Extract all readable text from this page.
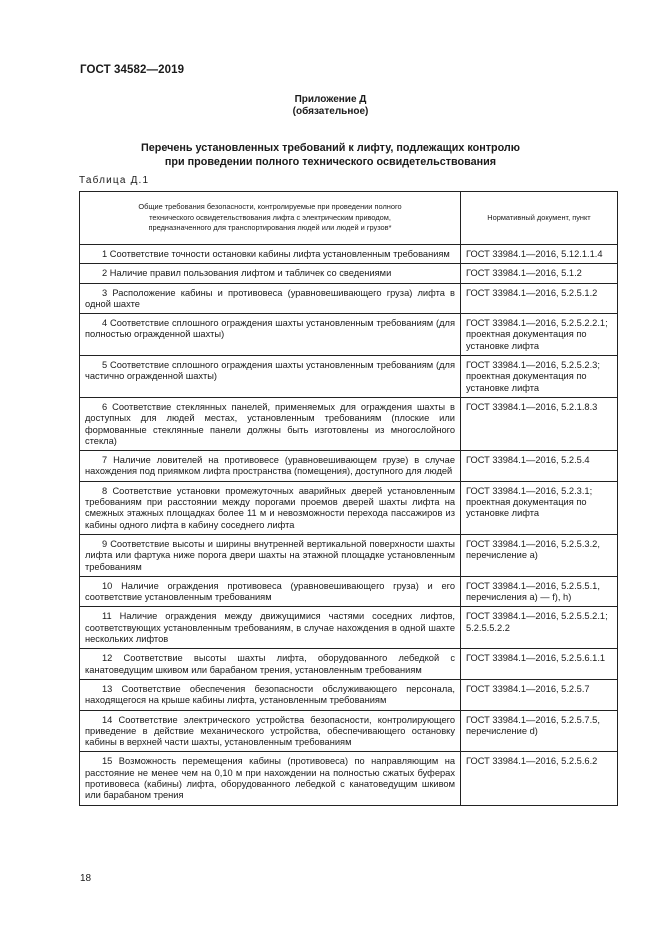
ГОСТ 34582—2019
Приложение Д
(обязательное)
Перечень установленных требований к лифту, подлежащих контролю
при проведении полного технического освидетельствования
Таблица Д.1
Общие требования безопасности, контролируемые при проведении полного
технического освидетельствования лифта с электрическим приводом,
предназначенного для транспортирования людей или людей и грузов*	Нормативный документ, пункт
1 Соответствие точности остановки кабины лифта установленным требованиям	ГОСТ 33984.1—2016, 5.12.1.1.4
2 Наличие правил пользования лифтом и табличек со сведениями	ГОСТ 33984.1—2016, 5.1.2
3 Расположение кабины и противовеса (уравновешивающего груза) лифта в одной шахте	ГОСТ 33984.1—2016, 5.2.5.1.2
4 Соответствие сплошного ограждения шахты установленным требованиям (для полностью огражденной шахты)	ГОСТ 33984.1—2016, 5.2.5.2.2.1; проектная документация по установке лифта
5 Соответствие сплошного ограждения шахты установленным требованиям (для частично огражденной шахты)	ГОСТ 33984.1—2016, 5.2.5.2.3; проектная документация по установке лифта
6 Соответствие стеклянных панелей, применяемых для ограждения шахты в доступных для людей местах, установленным требованиям (плоские или формованные стеклянные панели должны быть изготовлены из многослойного стекла)	ГОСТ 33984.1—2016, 5.2.1.8.3
7 Наличие ловителей на противовесе (уравновешивающем грузе) в случае нахождения под приямком лифта пространства (помещения), доступного для людей	ГОСТ 33984.1—2016, 5.2.5.4
8 Соответствие установки промежуточных аварийных дверей установленным требованиям при расстоянии между порогами проемов дверей шахты лифта на смежных этажных площадках более 11 м и невозможности перехода пассажиров из кабины одного лифта в кабину соседнего лифта	ГОСТ 33984.1—2016, 5.2.3.1; проектная документация по установке лифта
9 Соответствие высоты и ширины внутренней вертикальной поверхности шахты лифта или фартука ниже порога двери шахты на этажной площадке установленным требованиям	ГОСТ 33984.1—2016, 5.2.5.3.2, перечисление a)
10 Наличие ограждения противовеса (уравновешивающего груза) и его соответствие установленным требованиям	ГОСТ 33984.1—2016, 5.2.5.5.1, перечисления a) — f), h)
11 Наличие ограждения между движущимися частями соседних лифтов, соответствующих установленным требованиям, в случае нахождения в одной шахте нескольких лифтов	ГОСТ 33984.1—2016, 5.2.5.5.2.1; 5.2.5.5.2.2
12 Соответствие высоты шахты лифта, оборудованного лебедкой с канатоведущим шкивом или барабаном трения, установленным требованиям	ГОСТ 33984.1—2016, 5.2.5.6.1.1
13 Соответствие обеспечения безопасности обслуживающего персонала, находящегося на крыше кабины лифта, установленным требованиям	ГОСТ 33984.1—2016, 5.2.5.7
14 Соответствие электрического устройства безопасности, контролирующего приведение в действие механического устройства, обеспечивающего остановку кабины в верхней части шахты, установленным требованиям	ГОСТ 33984.1—2016, 5.2.5.7.5, перечисление d)
15 Возможность перемещения кабины (противовеса) по направляющим на расстояние не менее чем на 0,10 м при нахождении на полностью сжатых буферах противовеса (кабины) лифта, оборудованного лебедкой с канатоведущим шкивом или барабаном трения	ГОСТ 33984.1—2016, 5.2.5.6.2
18
